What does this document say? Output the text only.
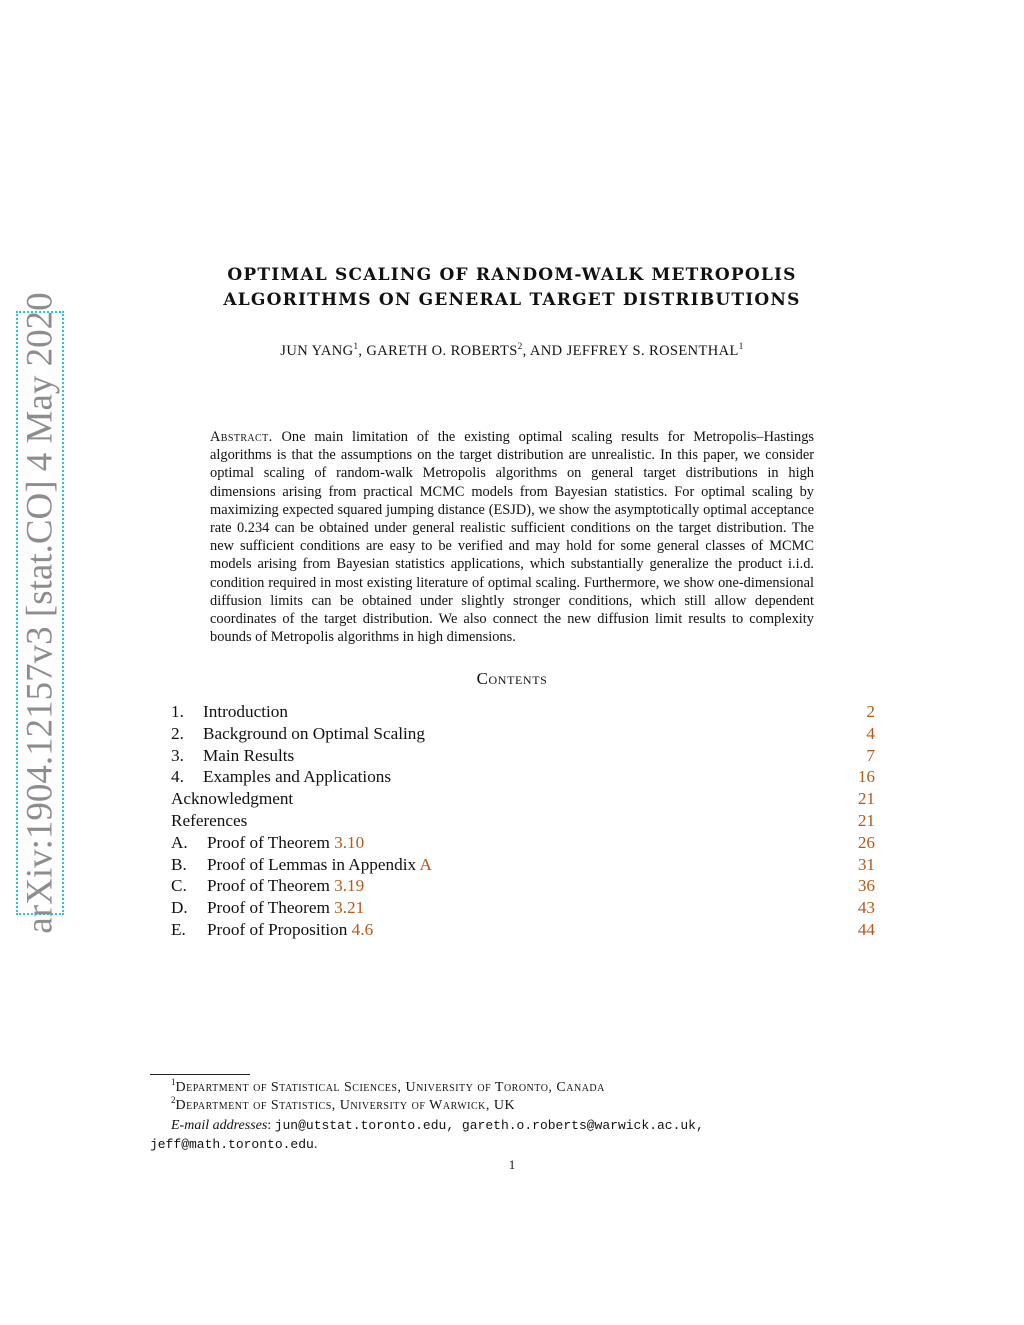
arXiv:1904.12157v3 [stat.CO] 4 May 2020
OPTIMAL SCALING OF RANDOM-WALK METROPOLIS
ALGORITHMS ON GENERAL TARGET DISTRIBUTIONS
JUN YANG$^1$, GARETH O. ROBERTS$^2$, AND JEFFREY S. ROSENTHAL$^1$
Abstract. One main limitation of the existing optimal scaling results for Metropolis–Hastings algorithms is that the assumptions on the target distribution are unrealistic. In this paper, we consider optimal scaling of random-walk Metropolis algorithms on general target distributions in high dimensions arising from practical MCMC models from Bayesian statistics. For optimal scaling by maximizing expected squared jumping distance (ESJD), we show the asymptotically optimal acceptance rate 0.234 can be obtained under general realistic sufficient conditions on the target distribution. The new sufficient conditions are easy to be verified and may hold for some general classes of MCMC models arising from Bayesian statistics applications, which substantially generalize the product i.i.d. condition required in most existing literature of optimal scaling. Furthermore, we show one-dimensional diffusion limits can be obtained under slightly stronger conditions, which still allow dependent coordinates of the target distribution. We also connect the new diffusion limit results to complexity bounds of Metropolis algorithms in high dimensions.
Contents
1. Introduction	2
2. Background on Optimal Scaling	4
3. Main Results	7
4. Examples and Applications	16
Acknowledgment	21
References	21
A. Proof of Theorem 3.10	26
B. Proof of Lemmas in Appendix A	31
C. Proof of Theorem 3.19	36
D. Proof of Theorem 3.21	43
E. Proof of Proposition 4.6	44
$^1$Department of Statistical Sciences, University of Toronto, Canada
$^2$Department of Statistics, University of Warwick, UK
E-mail addresses: jun@utstat.toronto.edu, gareth.o.roberts@warwick.ac.uk,
jeff@math.toronto.edu.
1
